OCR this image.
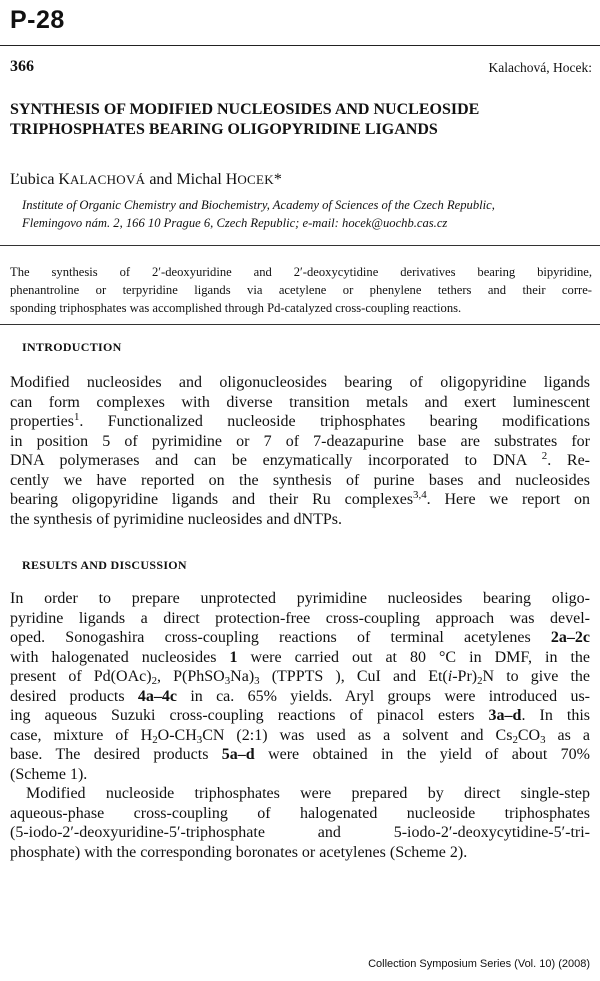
P-28
366	Kalachová, Hocek:
SYNTHESIS OF MODIFIED NUCLEOSIDES AND NUCLEOSIDE
TRIPHOSPHATES BEARING OLIGOPYRIDINE LIGANDS
Ľubica KALACHOVÁ and Michal HOCEK*
Institute of Organic Chemistry and Biochemistry, Academy of Sciences of the Czech Republic,
Flemingovo nám. 2, 166 10 Prague 6, Czech Republic; e-mail: hocek@uochb.cas.cz
The synthesis of 2′-deoxyuridine and 2′-deoxycytidine derivatives bearing bipyridine,
phenantroline or terpyridine ligands via acetylene or phenylene tethers and their corre-
sponding triphosphates was accomplished through Pd-catalyzed cross-coupling reactions.
INTRODUCTION
Modified nucleosides and oligonucleosides bearing of oligopyridine ligands
can form complexes with diverse transition metals and exert luminescent
properties$^1$. Functionalized nucleoside triphosphates bearing modifications
in position 5 of pyrimidine or 7 of 7-deazapurine base are substrates for
DNA polymerases and can be enzymatically incorporated to DNA $^2$. Re-
cently we have reported on the synthesis of purine bases and nucleosides
bearing oligopyridine ligands and their Ru complexes$^{3,4}$. Here we report on
the synthesis of pyrimidine nucleosides and dNTPs.
RESULTS AND DISCUSSION
In order to prepare unprotected pyrimidine nucleosides bearing oligo-
pyridine ligands a direct protection-free cross-coupling approach was devel-
oped. Sonogashira cross-coupling reactions of terminal acetylenes 2a–2c
with halogenated nucleosides 1 were carried out at 80 °C in DMF, in the
present of $Pd(OAc)_2$, $P(PhSO_3Na)_3$ (TPPTS ), CuI and $Et(i-Pr)_2N$ to give the
desired products 4a–4c in ca. 65% yields. Aryl groups were introduced us-
ing aqueous Suzuki cross-coupling reactions of pinacol esters 3a–d. In this
case, mixture of $H_2O-CH_3CN$ (2:1) was used as a solvent and $Cs_2CO_3$ as a
base. The desired products 5a–d were obtained in the yield of about 70%
(Scheme 1).
Modified nucleoside triphosphates were prepared by direct single-step
aqueous-phase cross-coupling of halogenated nucleoside triphosphates
(5-iodo-2′-deoxyuridine-5′-triphosphate and 5-iodo-2′-deoxycytidine-5′-tri-
phosphate) with the corresponding boronates or acetylenes (Scheme 2).
Collection Symposium Series (Vol. 10) (2008)
